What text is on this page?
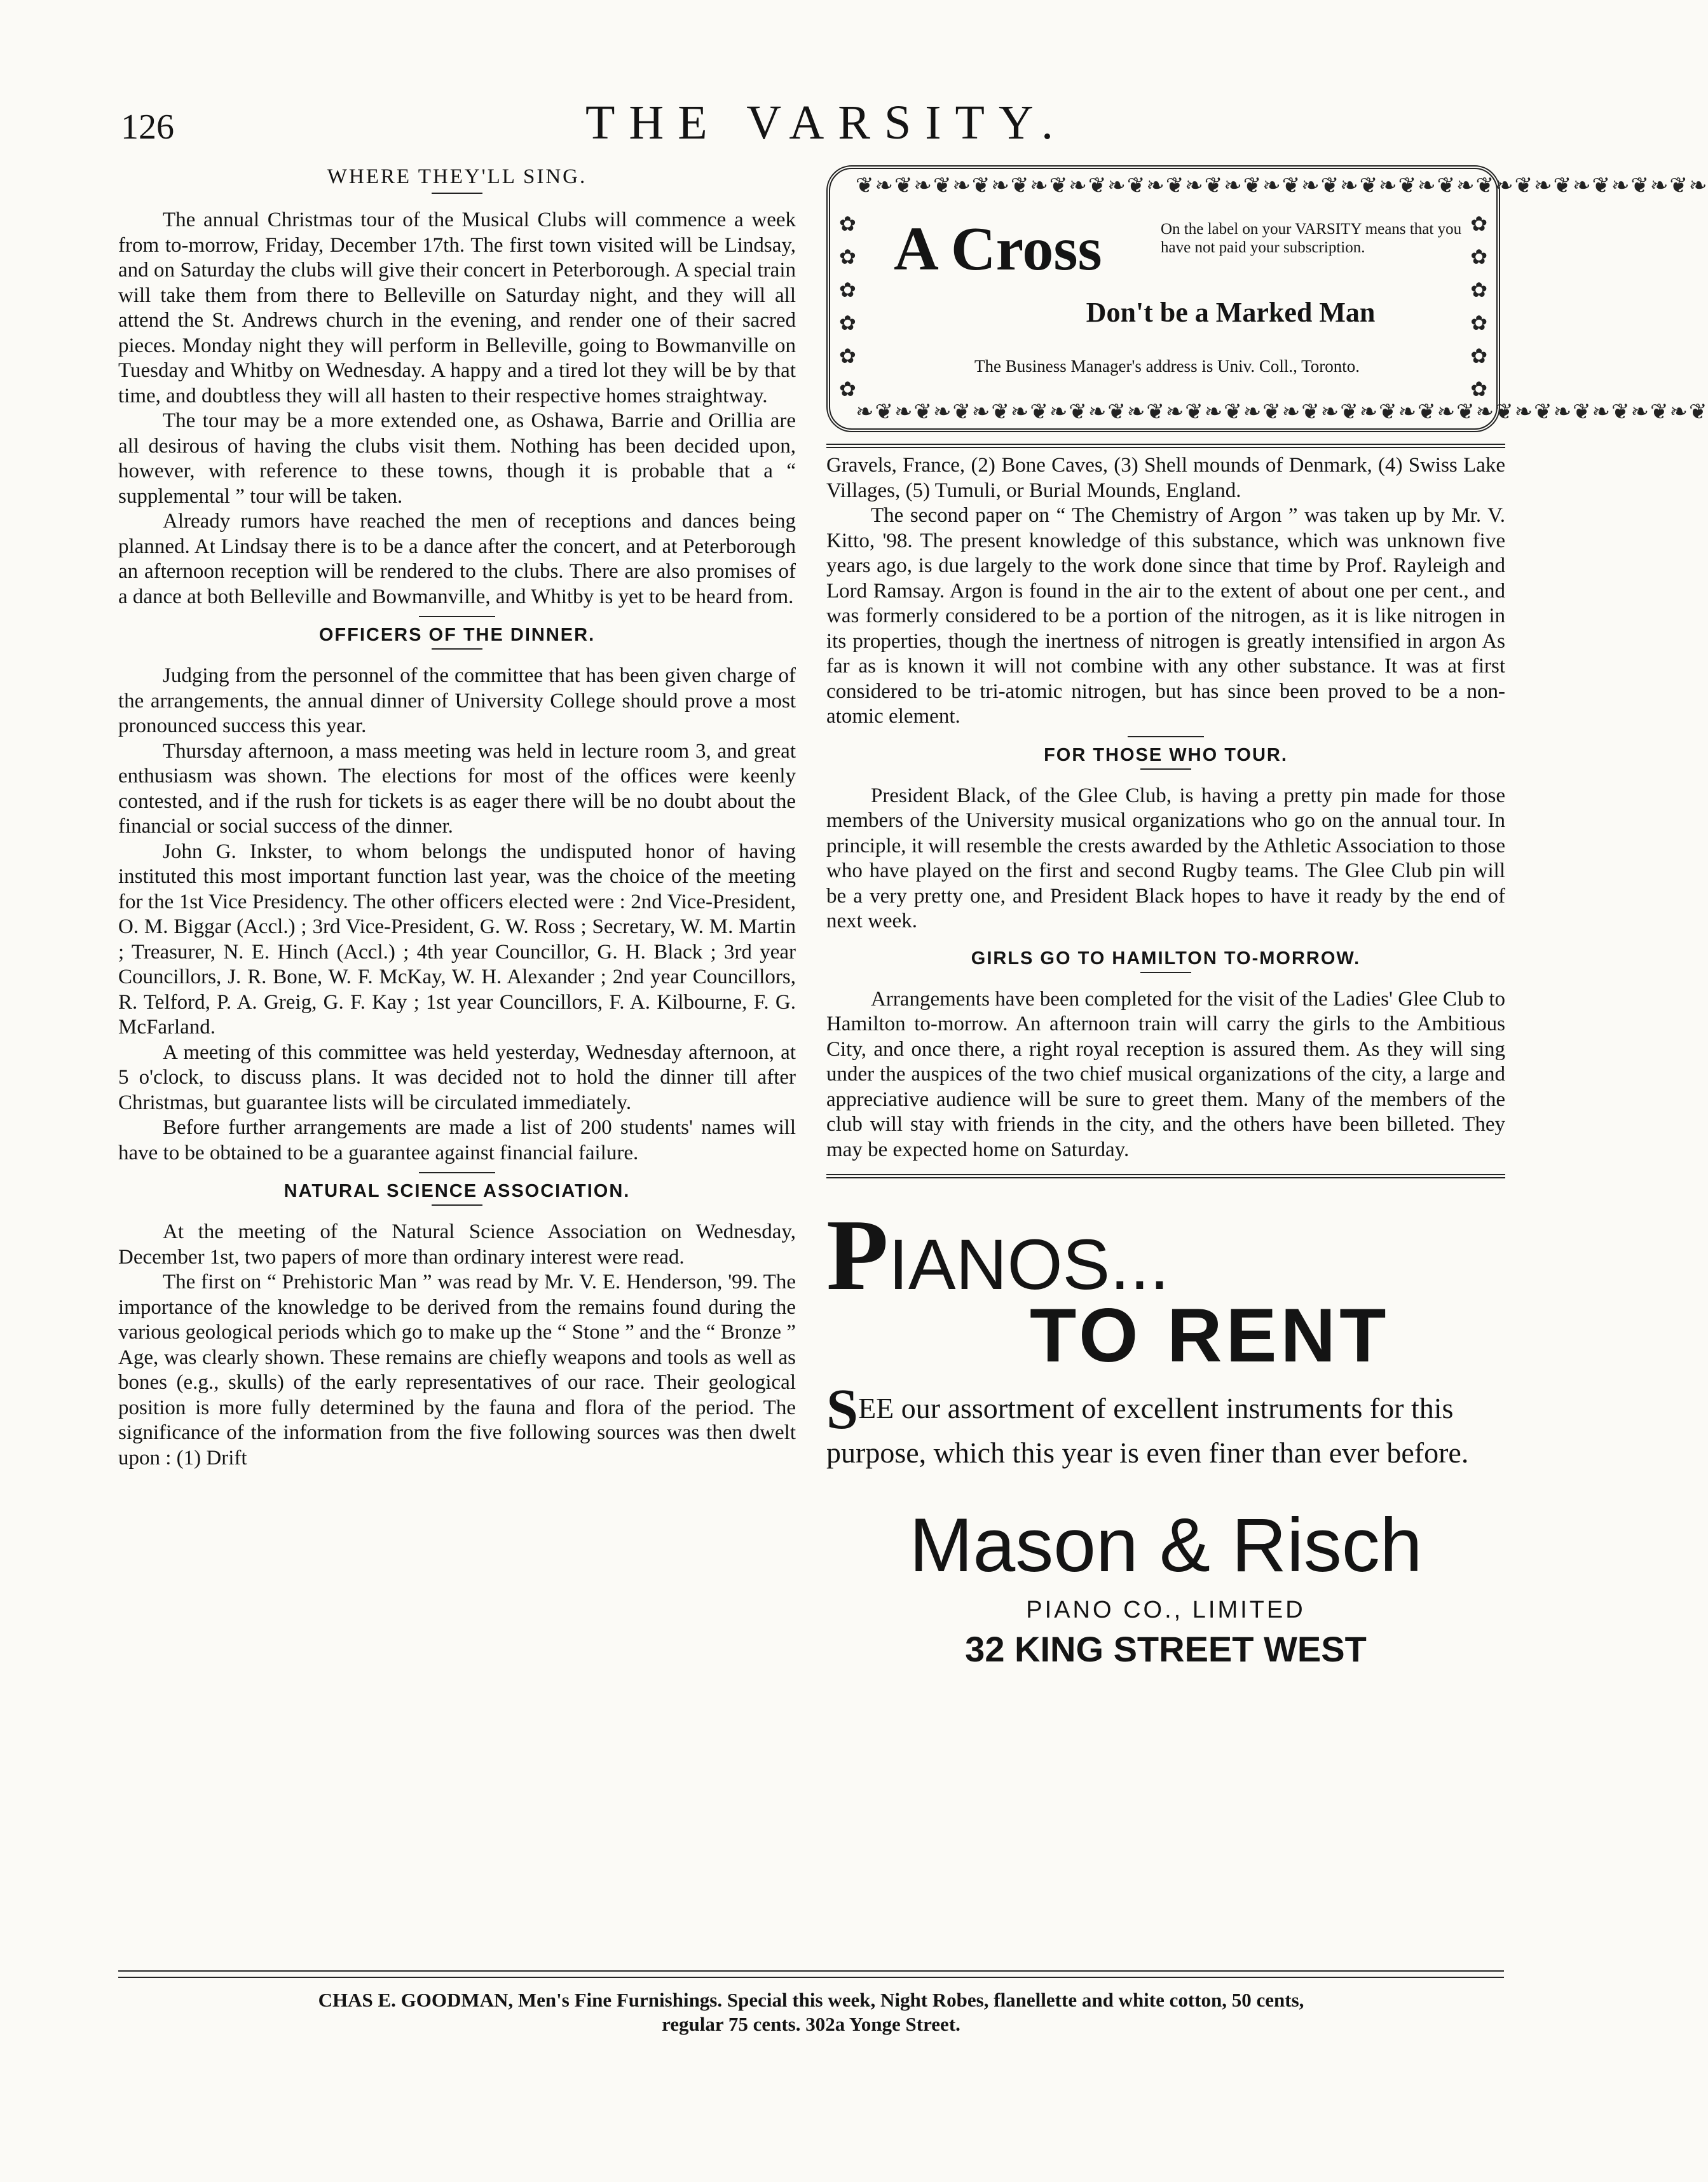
126	THE VARSITY.
WHERE THEY'LL SING.

The annual Christmas tour of the Musical Clubs will commence a week from to-morrow, Friday, December 17th. The first town visited will be Lindsay, and on Saturday the clubs will give their concert in Peterborough. A special train will take them from there to Belleville on Saturday night, and they will all attend the St. Andrews church in the evening, and render one of their sacred pieces. Monday night they will perform in Belleville, going to Bowmanville on Tuesday and Whitby on Wednesday. A happy and a tired lot they will be by that time, and doubtless they will all hasten to their respective homes straightway.

The tour may be a more extended one, as Oshawa, Barrie and Orillia are all desirous of having the clubs visit them. Nothing has been decided upon, however, with reference to these towns, though it is probable that a “ supplemental ” tour will be taken.

Already rumors have reached the men of receptions and dances being planned. At Lindsay there is to be a dance after the concert, and at Peterborough an afternoon reception will be rendered to the clubs. There are also promises of a dance at both Belleville and Bowmanville, and Whitby is yet to be heard from.

OFFICERS OF THE DINNER.

Judging from the personnel of the committee that has been given charge of the arrangements, the annual dinner of University College should prove a most pronounced success this year.

Thursday afternoon, a mass meeting was held in lecture room 3, and great enthusiasm was shown. The elections for most of the offices were keenly contested, and if the rush for tickets is as eager there will be no doubt about the financial or social success of the dinner.

John G. Inkster, to whom belongs the undisputed honor of having instituted this most important function last year, was the choice of the meeting for the 1st Vice Presidency. The other officers elected were : 2nd Vice-President, O. M. Biggar (Accl.) ; 3rd Vice-President, G. W. Ross ; Secretary, W. M. Martin ; Treasurer, N. E. Hinch (Accl.) ; 4th year Councillor, G. H. Black ; 3rd year Councillors, J. R. Bone, W. F. McKay, W. H. Alexander ; 2nd year Councillors, R. Telford, P. A. Greig, G. F. Kay ; 1st year Councillors, F. A. Kilbourne, F. G. McFarland.

A meeting of this committee was held yesterday, Wednesday afternoon, at 5 o'clock, to discuss plans. It was decided not to hold the dinner till after Christmas, but guarantee lists will be circulated immediately.

Before further arrangements are made a list of 200 students' names will have to be obtained to be a guarantee against financial failure.

NATURAL SCIENCE ASSOCIATION.

At the meeting of the Natural Science Association on Wednesday, December 1st, two papers of more than ordinary interest were read.

The first on “ Prehistoric Man ” was read by Mr. V. E. Henderson, '99. The importance of the knowledge to be derived from the remains found during the various geological periods which go to make up the “ Stone ” and the “ Bronze ” Age, was clearly shown. These remains are chiefly weapons and tools as well as bones (e.g., skulls) of the early representatives of our race. Their geological position is more fully determined by the fauna and flora of the period. The significance of the information from the five following sources was then dwelt upon : (1) Drift

❦❧❦❧❦❧❦❧❦❧❦❧❦❧❦❧❦❧❦❧❦❧❦❧❦❧❦❧❦❧❦❧❦❧❦❧❦❧❦❧❦❧❦❧
❧❦❧❦❧❦❧❦❧❦❧❦❧❦❧❦❧❦❧❦❧❦❧❦❧❦❧❦❧❦❧❦❧❦❧❦❧❦❧❦❧❦❧❦
✿
✿
✿
✿
✿
✿
✿
✿
✿
✿
✿
✿
A Cross	On the label on your VARSITY means that you have not paid your subscription.
Don't be a Marked Man
The Business Manager's address is Univ. Coll., Toronto.

Gravels, France, (2) Bone Caves, (3) Shell mounds of Denmark, (4) Swiss Lake Villages, (5) Tumuli, or Burial Mounds, England.

The second paper on “ The Chemistry of Argon ” was taken up by Mr. V. Kitto, '98. The present knowledge of this substance, which was unknown five years ago, is due largely to the work done since that time by Prof. Rayleigh and Lord Ramsay. Argon is found in the air to the extent of about one per cent., and was formerly considered to be a portion of the nitrogen, as it is like nitrogen in its properties, though the inertness of nitrogen is greatly intensified in argon As far as is known it will not combine with any other substance. It was at first considered to be tri-atomic nitrogen, but has since been proved to be a non-atomic element.

FOR THOSE WHO TOUR.

President Black, of the Glee Club, is having a pretty pin made for those members of the University musical organizations who go on the annual tour. In principle, it will resemble the crests awarded by the Athletic Association to those who have played on the first and second Rugby teams. The Glee Club pin will be a very pretty one, and President Black hopes to have it ready by the end of next week.

GIRLS GO TO HAMILTON TO-MORROW.

Arrangements have been completed for the visit of the Ladies' Glee Club to Hamilton to-morrow. An afternoon train will carry the girls to the Ambitious City, and once there, a right royal reception is assured them. As they will sing under the auspices of the two chief musical organizations of the city, a large and appreciative audience will be sure to greet them. Many of the members of the club will stay with friends in the city, and the others have been billeted. They may be expected home on Saturday.

PIANOS...
TO RENT
SEE our assortment of excellent instruments for this purpose, which this year is even finer than ever before.
Mason & Risch
PIANO CO., LIMITED
32 KING STREET WEST
CHAS E. GOODMAN, Men's Fine Furnishings. Special this week, Night Robes, flanellette and white cotton, 50 cents,
regular 75 cents. 302a Yonge Street.
